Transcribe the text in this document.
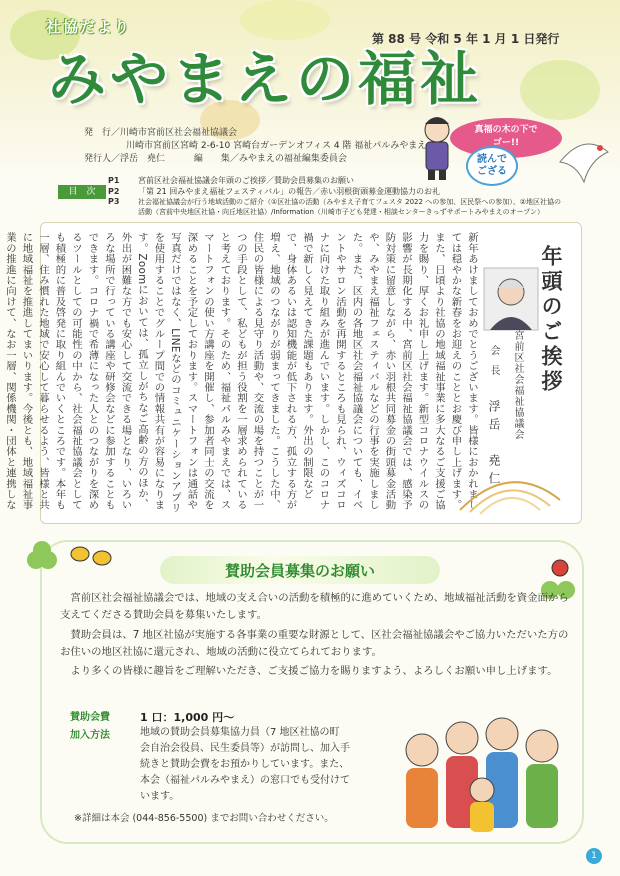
社協だより
みやまえの福祉
第 88 号 令和 5 年 1 月 1 日発行
発　行／川崎市宮前区社会福祉協議会
川崎市宮前区宮崎 2-6-10 宮崎台ガーデンオフィス 4 階 福祉パルみやまえ
発行人／浮岳　堯仁	編　　集／みやまえの福祉編集委員会
真福の木の下で
ゴー!!
読んで
ござる
目　次
P1 宮前区社会福祉協議会年頭のご挨拶／賛助会員募集のお願い
P2 「第 21 回みやまえ福祉フェスティバル」の報告／赤い羽根街頭募金運動協力のお礼
P3	社会福祉協議会が行う地域活動のご紹介（①区社協の活動（みやまえ子育てフェスタ 2022 への参加、区民祭への参加）、②地区社協の
活動（宮前中央地区社協・向丘地区社協）/Information（川崎市子ども発達・相談センターきっずサポートみやまえのオープン）
新年あけましておめでとうございます。皆様におかれましては穏やかな新春をお迎えのこととお慶び申し上げます。また、日頃より社協の地域福祉事業に多大なるご支援ご協力を賜り、厚くお礼申し上げます。新型コロナウイルスの影響が長期化する中、宮前区社会福祉協議会では、感染予防対策に留意しながら、赤い羽根共同募金の街頭募金活動や、みやまえ福祉フェスティバルなどの行事を実施しました。また、区内の各地区社会福祉協議会についても、イベントやサロン活動を再開するところも見られ、ウィズコロナに向けた取り組みが進んでいます。しかし、このコロナ禍で新しく見えてきた課題もあります。外出の制限などで、身体あるいは認知機能が低下される方、孤立する方が増え、地域のつながりが弱まってきました。こうした中、住民の皆様による見守り活動や、交流の場を持つことが一つの手段として、私どもが担う役割を一層求められていると考えております。そのため、福祉パルみやまえでは、スマートフォンの使い方講座を開催し、参加者同士の交流を深めることを予定しております。スマートフォンは通話や写真だけではなく、LINEなどのコミュニケーションアプリを使用することでグループ間での情報共有が容易になります。Zoomにおいては、孤立しがちなご高齢の方のほか、外出が困難な方でも安心して交流できる場となり、いろいろな場所で行っている講座や研修会などに参加することもできます。コロナ禍で希薄になった人とのつながりを深めるツールとしての可能性の中から、社会福祉協議会としても積極的に普及啓発に取り組んでいくところです。本年も一層、住み慣れた地域で安心して暮らせるよう、皆様と共に地域福祉を推進してまいります。今後とも、地域福祉事業の推進に向けて、なお一層、関係機関・団体と連携しな
年頭のご挨拶
宮前区社会福祉協議会
会　長
浮岳　堯仁
賛助会員募集のお願い
宮前区社会福祉協議会では、地域の支え合いの活動を積極的に進めていくため、地域福祉活動を資金面から支えてくださる賛助会員を募集いたします。
賛助会員は、7 地区社協が実施する各事業の重要な財源として、区社会福祉協議会やご協力いただいた方のお住いの地区社協に還元され、地域の活動に役立てられております。
より多くの皆様に趣旨をご理解いただき、ご支援ご協力を賜りますよう、よろしくお願い申し上げます。
賛助会費
加入方法
1 口：1,000 円～
地域の賛助会員募集協力員（7 地区社協の町
会自治会役員、民生委員等）が訪問し、加入手
続きと賛助会費をお預かりしています。また、
本会（福祉パルみやまえ）の窓口でも受付けて
います。
※詳細は本会 (044-856-5500) までお問い合わせください。
1
